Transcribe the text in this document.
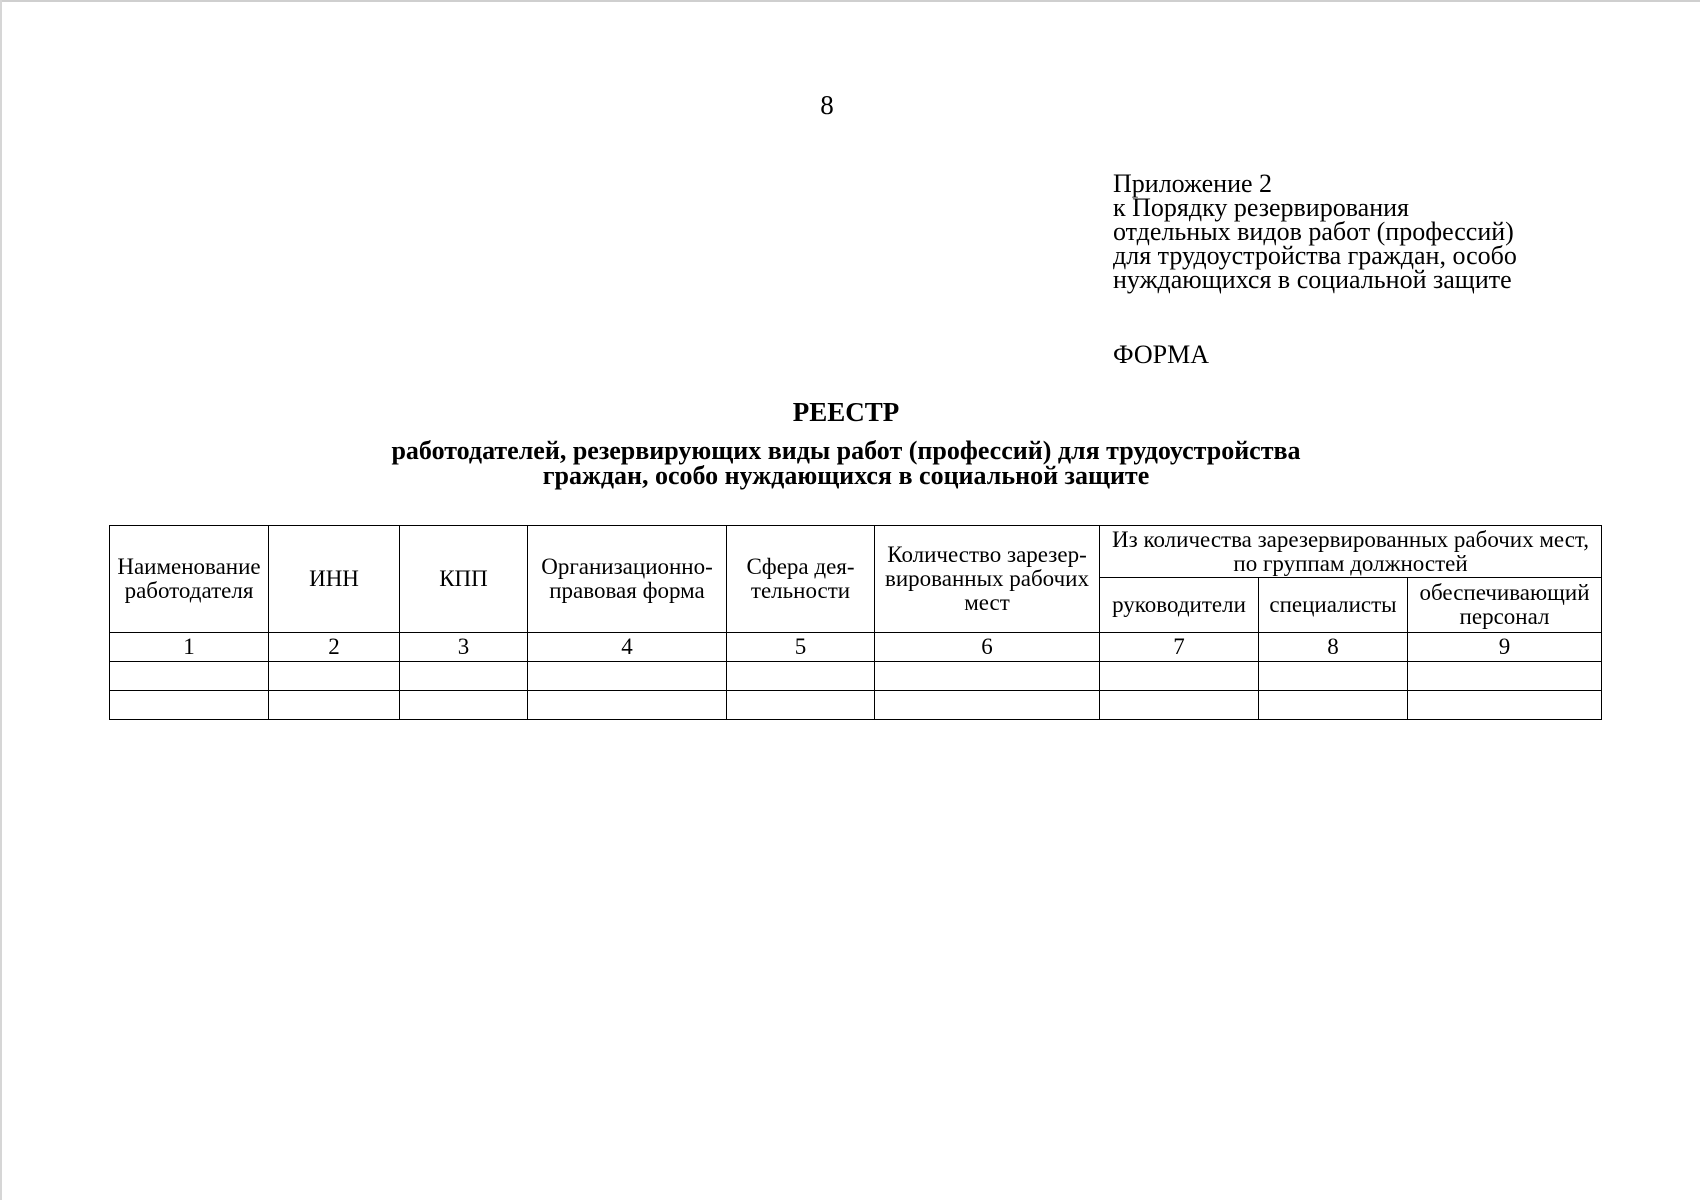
8
Приложение 2
к Порядку резервирования
отдельных видов работ (профессий)
для трудоустройства граждан, особо
нуждающихся в социальной защите
ФОРМА
РЕЕСТР
работодателей, резервирующих виды работ (профессий) для трудоустройства
граждан, особо нуждающихся в социальной защите
Наименование работодателя	ИНН	КПП	Организационно-правовая форма	Сфера дея-тельности	Количество зарезер-вированных рабочих мест	Из количества зарезервированных рабочих мест, по группам должностей		
						руководители	специалисты	обеспечивающий персонал
1	2	3	4	5	6	7	8	9
